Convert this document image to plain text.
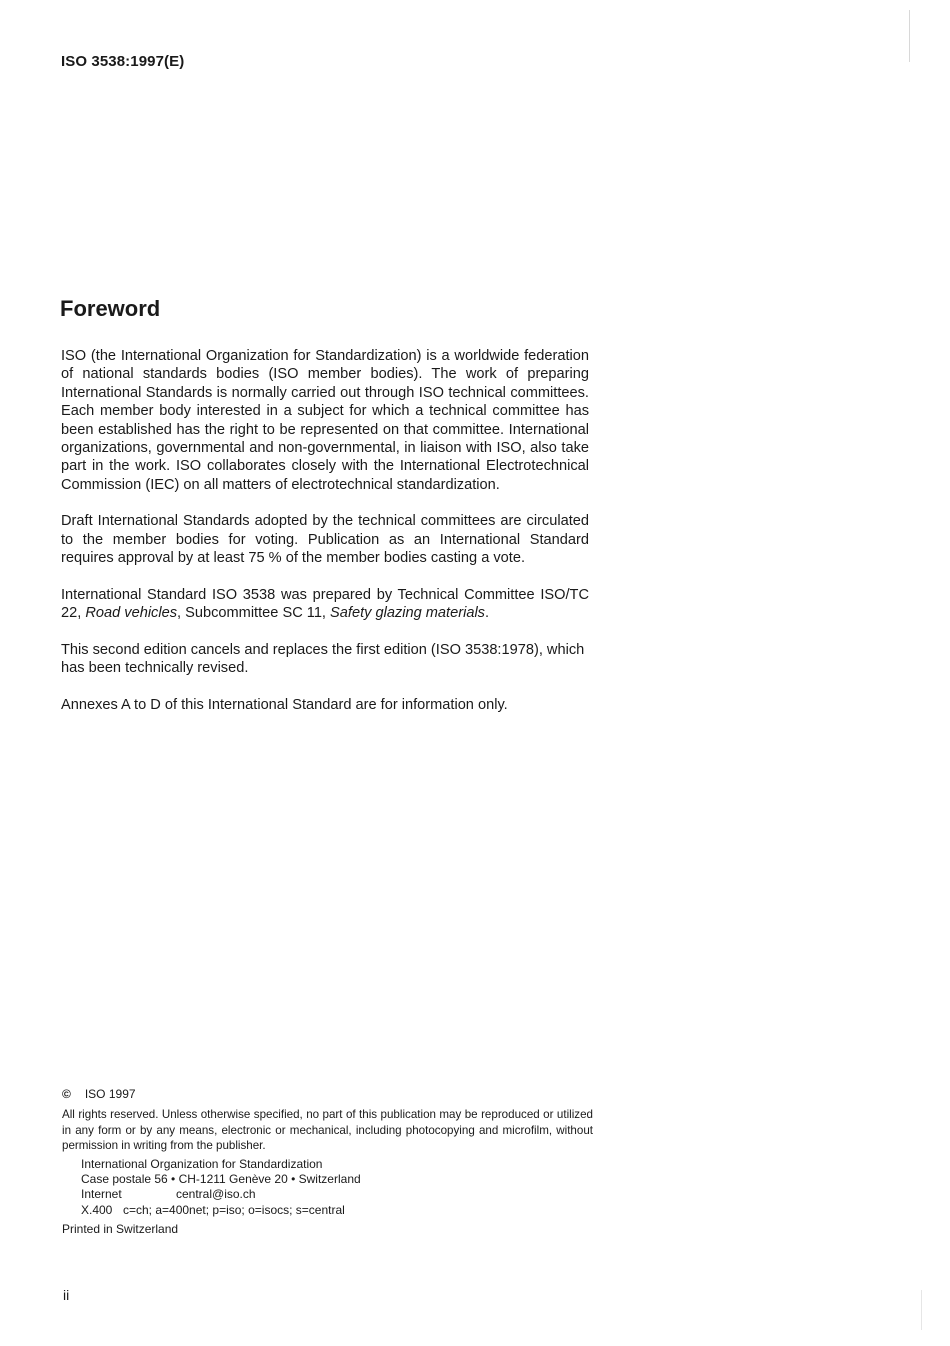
ISO 3538:1997(E)
Foreword

ISO (the International Organization for Standardization) is a worldwide federation of national standards bodies (ISO member bodies). The work of preparing International Standards is normally carried out through ISO technical committees. Each member body interested in a subject for which a technical committee has been established has the right to be represented on that committee. International organizations, governmental and non-governmental, in liaison with ISO, also take part in the work. ISO collaborates closely with the International Electrotechnical Commission (IEC) on all matters of electrotechnical standardization.

Draft International Standards adopted by the technical committees are circulated to the member bodies for voting. Publication as an International Standard requires approval by at least 75 % of the member bodies casting a vote.

International Standard ISO 3538 was prepared by Technical Committee ISO/TC 22, Road vehicles, Subcommittee SC 11, Safety glazing materials.

This second edition cancels and replaces the first edition (ISO 3538:1978), which has been technically revised.

Annexes A to D of this International Standard are for information only.

© ISO 1997
All rights reserved. Unless otherwise specified, no part of this publication may be reproduced or utilized in any form or by any means, electronic or mechanical, including photocopying and microfilm, without permission in writing from the publisher.
International Organization for Standardization
Case postale 56 • CH-1211 Genève 20 • Switzerland
Internet	central@iso.ch
X.400 c=ch; a=400net; p=iso; o=isocs; s=central
Printed in Switzerland
ii
